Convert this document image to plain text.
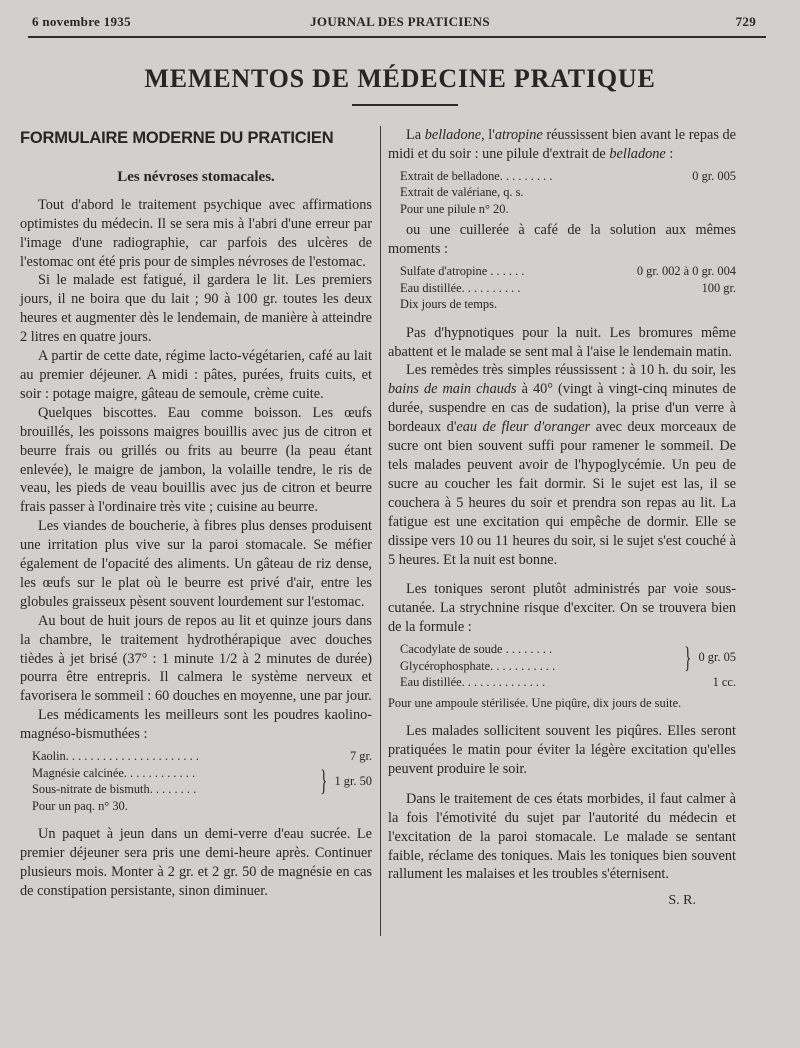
6 novembre 1935	JOURNAL DES PRATICIENS	729
MEMENTOS DE MÉDECINE PRATIQUE
FORMULAIRE MODERNE DU PRATICIEN
Les névroses stomacales.

Tout d'abord le traitement psychique avec affirmations optimistes du médecin. Il se sera mis à l'abri d'une erreur par l'image d'une radiographie, car parfois des ulcères de l'estomac ont été pris pour de simples névroses de l'estomac.

Si le malade est fatigué, il gardera le lit. Les premiers jours, il ne boira que du lait ; 90 à 100 gr. toutes les deux heures et augmenter dès le lendemain, de manière à atteindre 2 litres en quatre jours.

A partir de cette date, régime lacto-végétarien, café au lait au premier déjeuner. A midi : pâtes, purées, fruits cuits, et soir : potage maigre, gâteau de semoule, crème cuite.

Quelques biscottes. Eau comme boisson. Les œufs brouillés, les poissons maigres bouillis avec jus de citron et beurre frais ou grillés ou frits au beurre (la peau étant enlevée), le maigre de jambon, la volaille tendre, le ris de veau, les pieds de veau bouillis avec jus de citron et beurre frais passer à l'ordinaire très vite ; cuisine au beurre.

Les viandes de boucherie, à fibres plus denses produisent une irritation plus vive sur la paroi stomacale. Se méfier également de l'opacité des aliments. Un gâteau de riz dense, les œufs sur le plat où le beurre est privé d'air, entre les globules graisseux pèsent souvent lourdement sur l'estomac.

Au bout de huit jours de repos au lit et quinze jours dans la chambre, le traitement hydrothérapique avec douches tièdes à jet brisé (37° : 1 minute 1/2 à 2 minutes de durée) pourra être entrepris. Il calmera le système nerveux et favorisera le sommeil : 60 douches en moyenne, une par jour.

Les médicaments les meilleurs sont les poudres kaolino-magnéso-bismuthées :

Kaolin. . . . . . . . . . . . . . . . . . . . . .	7 gr.
Magnésie calcinée. . . . . . . . . . . .
Sous-nitrate de bismuth. . . . . . . .	} 1 gr. 50
Pour un paq. n° 30.

Un paquet à jeun dans un demi-verre d'eau sucrée. Le premier déjeuner sera pris une demi-heure après. Continuer plusieurs mois. Monter à 2 gr. et 2 gr. 50 de magnésie en cas de constipation persistante, sinon diminuer.

La belladone, l'atropine réussissent bien avant le repas de midi et du soir : une pilule d'extrait de belladone :

Extrait de belladone. . . . . . . . .	0 gr. 005
Extrait de valériane, q. s.
Pour une pilule n° 20.

ou une cuillerée à café de la solution aux mêmes moments :

Sulfate d'atropine . . . . . .	0 gr. 002 à 0 gr. 004
Eau distillée. . . . . . . . . .	100 gr.
Dix jours de temps.

Pas d'hypnotiques pour la nuit. Les bromures même abattent et le malade se sent mal à l'aise le lendemain matin.

Les remèdes très simples réussissent : à 10 h. du soir, les bains de main chauds à 40° (vingt à vingt-cinq minutes de durée, suspendre en cas de sudation), la prise d'un verre à bordeaux d'eau de fleur d'oranger avec deux morceaux de sucre ont bien souvent suffi pour ramener le sommeil. De tels malades peuvent avoir de l'hypoglycémie. Un peu de sucre au coucher les fait dormir. Si le sujet est las, il se couchera à 5 heures du soir et prendra son repas au lit. La fatigue est une excitation qui empêche de dormir. Elle se dissipe vers 10 ou 11 heures du soir, si le sujet s'est couché à 5 heures. Et la nuit est bonne.

Les toniques seront plutôt administrés par voie sous-cutanée. La strychnine risque d'exciter. On se trouvera bien de la formule :

Cacodylate de soude . . . . . . . .
Glycérophosphate. . . . . . . . . . .	} 0 gr. 05
Eau distillée. . . . . . . . . . . . . .	1 cc.
Pour une ampoule stérilisée. Une piqûre, dix jours de suite.

Les malades sollicitent souvent les piqûres. Elles seront pratiquées le matin pour éviter la légère excitation qu'elles peuvent produire le soir.

Dans le traitement de ces états morbides, il faut calmer à la fois l'émotivité du sujet par l'autorité du médecin et l'excitation de la paroi stomacale. Le malade se sentant faible, réclame des toniques. Mais les toniques bien souvent rallument les malaises et les troubles s'éternisent.

S. R.
